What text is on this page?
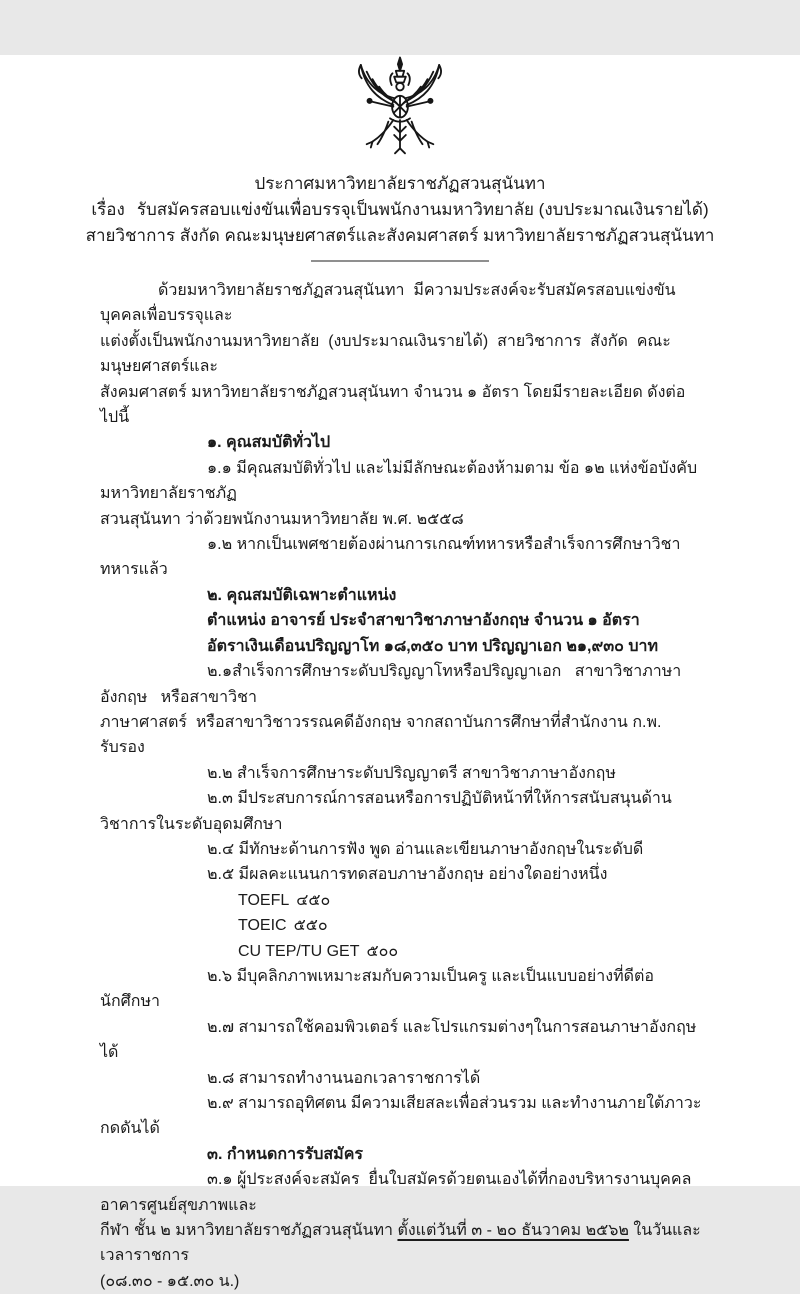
ประกาศมหาวิทยาลัยราชภัฏสวนสุนันทา
เรื่อง รับสมัครสอบแข่งขันเพื่อบรรจุเป็นพนักงานมหาวิทยาลัย (งบประมาณเงินรายได้)
สายวิชาการ สังกัด คณะมนุษยศาสตร์และสังคมศาสตร์ มหาวิทยาลัยราชภัฏสวนสุนันทา

ด้วยมหาวิทยาลัยราชภัฏสวนสุนันทา  มีความประสงค์จะรับสมัครสอบแข่งขันบุคคลเพื่อบรรจุและ
แต่งตั้งเป็นพนักงานมหาวิทยาลัย  (งบประมาณเงินรายได้)  สายวิชาการ  สังกัด  คณะมนุษยศาสตร์และ
สังคมศาสตร์ มหาวิทยาลัยราชภัฏสวนสุนันทา จำนวน ๑ อัตรา โดยมีรายละเอียด ดังต่อไปนี้

๑. คุณสมบัติทั่วไป

๑.๑ มีคุณสมบัติทั่วไป และไม่มีลักษณะต้องห้ามตาม ข้อ ๑๒ แห่งข้อบังคับมหาวิทยาลัยราชภัฏ
สวนสุนันทา ว่าด้วยพนักงานมหาวิทยาลัย พ.ศ. ๒๕๕๘

๑.๒ หากเป็นเพศชายต้องผ่านการเกณฑ์ทหารหรือสำเร็จการศึกษาวิชาทหารแล้ว

๒. คุณสมบัติเฉพาะตำแหน่ง

ตำแหน่ง อาจารย์ ประจำสาขาวิชาภาษาอังกฤษ จำนวน ๑ อัตรา

อัตราเงินเดือนปริญญาโท ๑๘,๓๕๐ บาท ปริญญาเอก ๒๑,๙๓๐ บาท

๒.๑สำเร็จการศึกษาระดับปริญญาโทหรือปริญญาเอก   สาขาวิชาภาษาอังกฤษ   หรือสาขาวิชา
ภาษาศาสตร์  หรือสาขาวิชาวรรณคดีอังกฤษ จากสถาบันการศึกษาที่สำนักงาน ก.พ. รับรอง

๒.๒ สำเร็จการศึกษาระดับปริญญาตรี สาขาวิชาภาษาอังกฤษ

๒.๓ มีประสบการณ์การสอนหรือการปฏิบัติหน้าที่ให้การสนับสนุนด้านวิชาการในระดับอุดมศึกษา

๒.๔ มีทักษะด้านการฟัง พูด อ่านและเขียนภาษาอังกฤษในระดับดี

๒.๕ มีผลคะแนนการทดสอบภาษาอังกฤษ อย่างใดอย่างหนึ่ง

TOEFL ๔๕๐

TOEIC ๕๕๐

CU TEP/TU GET ๕๐๐

๒.๖ มีบุคลิกภาพเหมาะสมกับความเป็นครู และเป็นแบบอย่างที่ดีต่อนักศึกษา

๒.๗ สามารถใช้คอมพิวเตอร์ และโปรแกรมต่างๆในการสอนภาษาอังกฤษได้

๒.๘ สามารถทำงานนอกเวลาราชการได้

๒.๙ สามารถอุทิศตน มีความเสียสละเพื่อส่วนรวม และทำงานภายใต้ภาวะกดดันได้

๓. กำหนดการรับสมัคร

๓.๑ ผู้ประสงค์จะสมัคร  ยื่นใบสมัครด้วยตนเองได้ที่กองบริหารงานบุคคล อาคารศูนย์สุขภาพและ
กีฬา ชั้น ๒ มหาวิทยาลัยราชภัฏสวนสุนันทา ตั้งแต่วันที่ ๓ - ๒๐ ธันวาคม ๒๕๖๒ ในวันและเวลาราชการ
(๐๘.๓๐ - ๑๕.๓๐ น.)
